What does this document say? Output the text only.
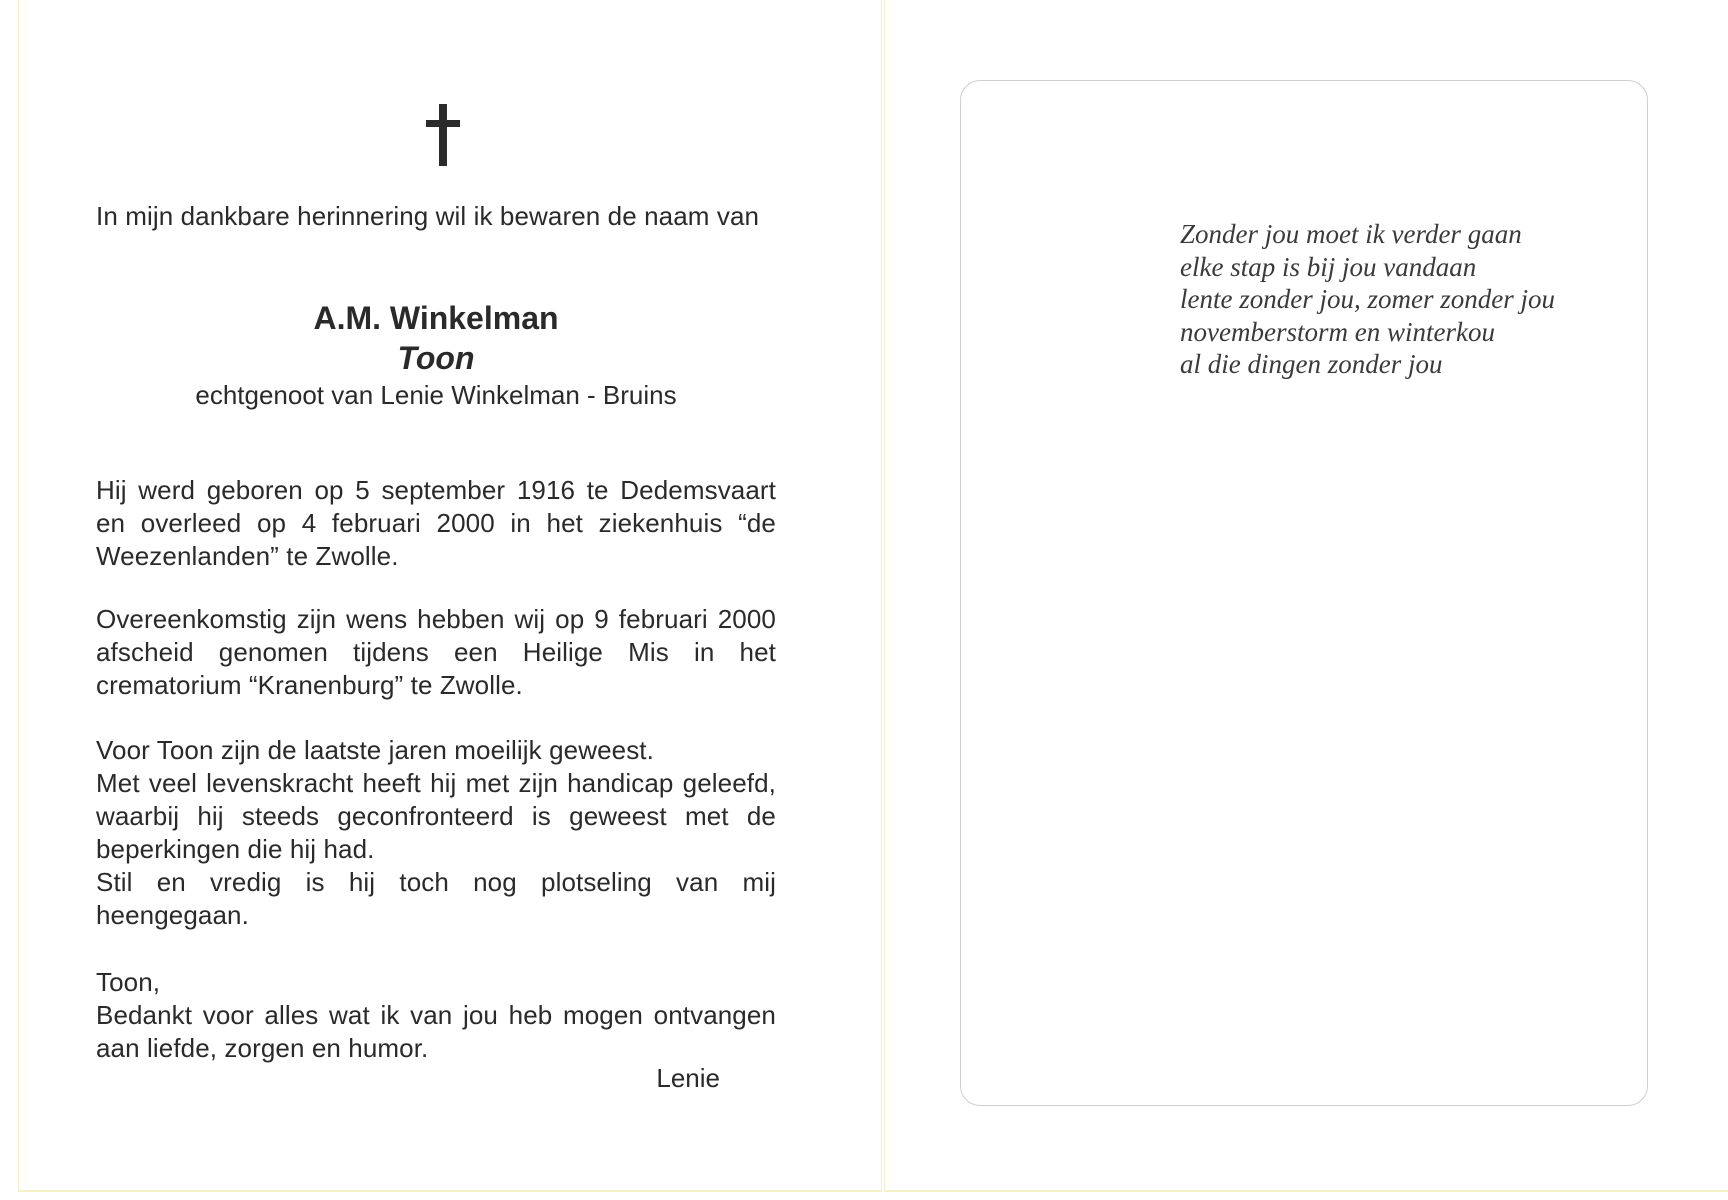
In mijn dankbare herinnering wil ik bewaren de naam van
A.M. Winkelman
Toon
echtgenoot van Lenie Winkelman - Bruins
Hij werd geboren op 5 september 1916 te Dedemsvaart en overleed op 4 februari 2000 in het ziekenhuis “de Weezenlanden” te Zwolle.
Overeenkomstig zijn wens hebben wij op 9 februari 2000 afscheid genomen tijdens een Heilige Mis in het crematorium “Kranenburg” te Zwolle.
Voor Toon zijn de laatste jaren moeilijk geweest.
Met veel levenskracht heeft hij met zijn handicap geleefd, waarbij hij steeds geconfronteerd is geweest met de beperkingen die hij had.
Stil en vredig is hij toch nog plotseling van mij heengegaan.
Toon,
Bedankt voor alles wat ik van jou heb mogen ontvangen aan liefde, zorgen en humor.
Lenie
Zonder jou moet ik verder gaan
elke stap is bij jou vandaan
lente zonder jou, zomer zonder jou
novemberstorm en winterkou
al die dingen zonder jou
